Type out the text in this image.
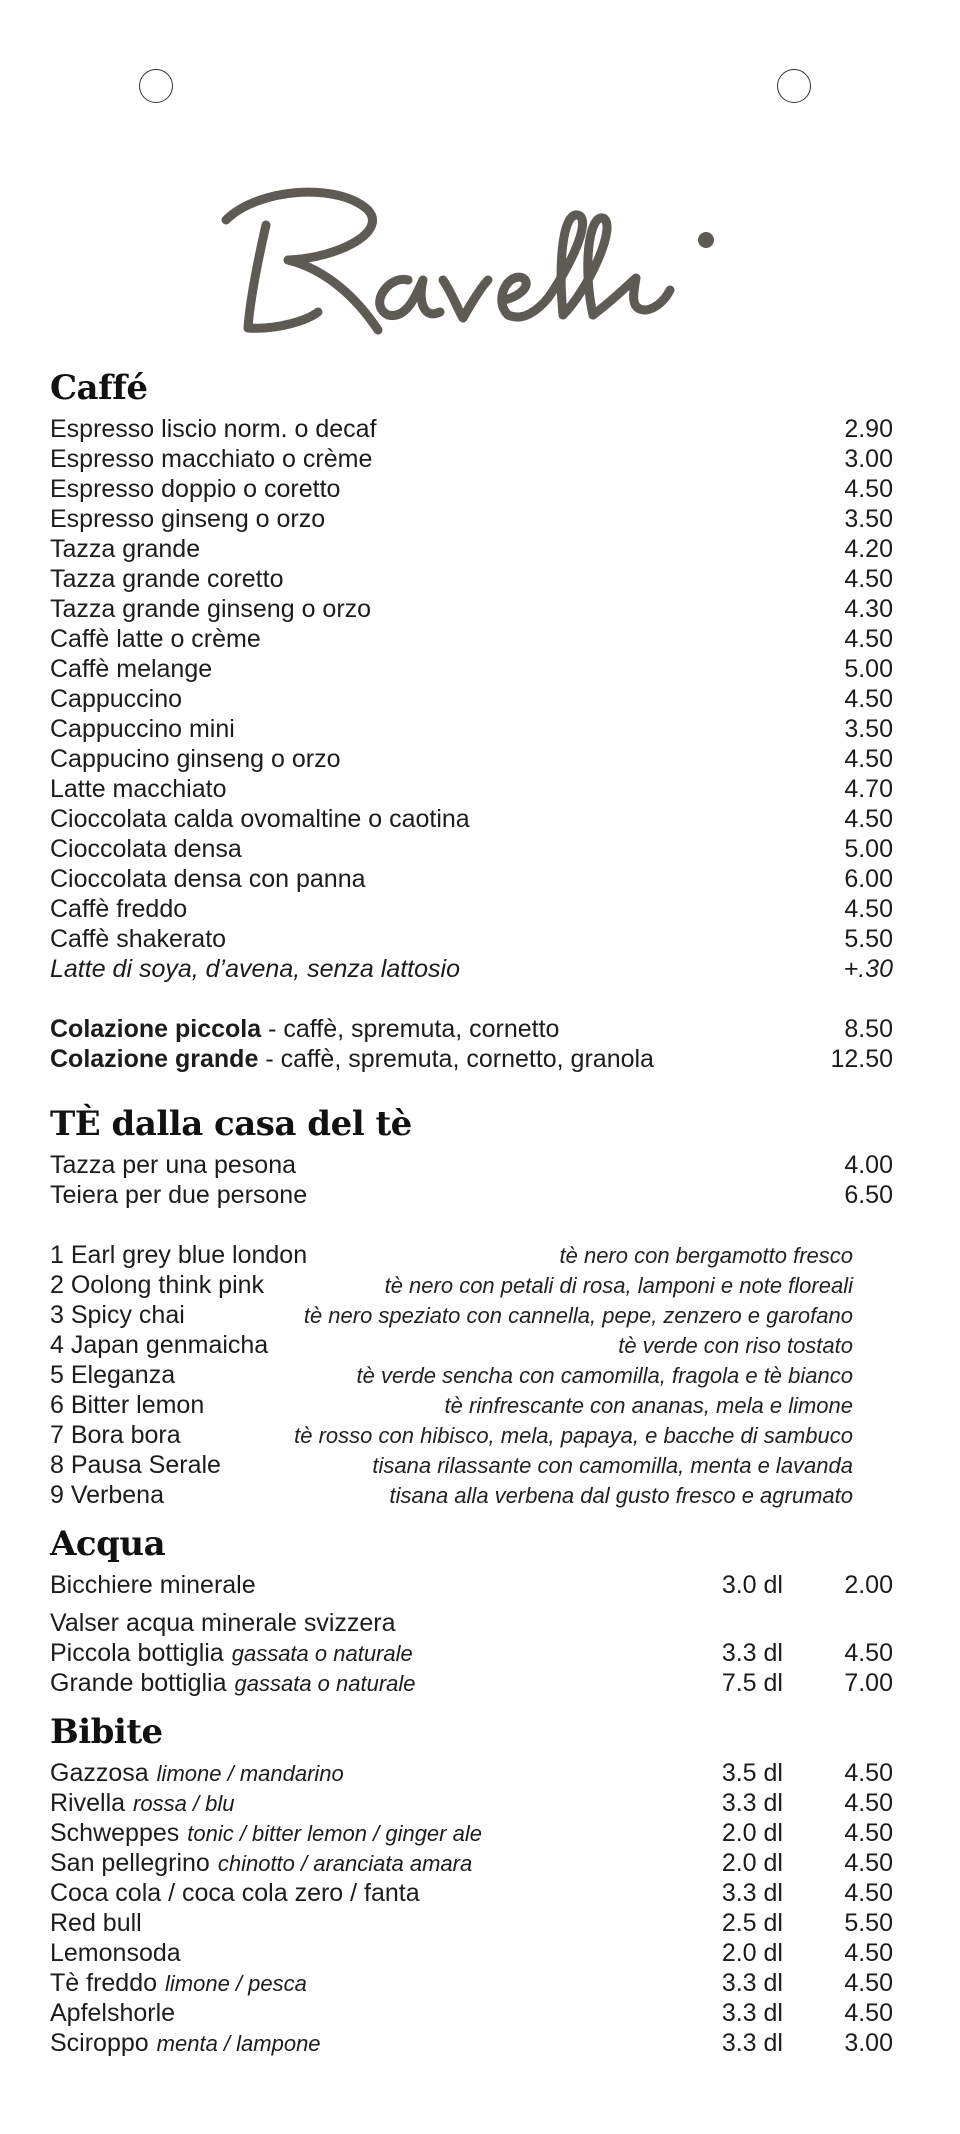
Caffé
Espresso liscio norm. o decaf	2.90
Espresso macchiato o crème	3.00
Espresso doppio o coretto	4.50
Espresso ginseng o orzo	3.50
Tazza grande	4.20
Tazza grande coretto	4.50
Tazza grande ginseng o orzo	4.30
Caffè latte o crème	4.50
Caffè melange	5.00
Cappuccino	4.50
Cappuccino mini	3.50
Cappucino ginseng o orzo	4.50
Latte macchiato	4.70
Cioccolata calda ovomaltine o caotina	4.50
Cioccolata densa	5.00
Cioccolata densa con panna	6.00
Caffè freddo	4.50
Caffè shakerato	5.50
Latte di soya, d’avena, senza lattosio	+.30
Colazione piccola - caffè, spremuta, cornetto	8.50
Colazione grande - caffè, spremuta, cornetto, granola	12.50
TÈ dalla casa del tè
Tazza per una pesona	4.00
Teiera per due persone	6.50
1 Earl grey blue london	tè nero con bergamotto fresco
2 Oolong think pink	tè nero con petali di rosa, lamponi e note floreali
3 Spicy chai	tè nero speziato con cannella, pepe, zenzero e garofano
4 Japan genmaicha	tè verde con riso tostato
5 Eleganza	tè verde sencha con camomilla, fragola e tè bianco
6 Bitter lemon	tè rinfrescante con ananas, mela e limone
7 Bora bora	tè rosso con hibisco, mela, papaya, e bacche di sambuco
8 Pausa Serale	tisana rilassante con camomilla, menta e lavanda
9 Verbena	tisana alla verbena dal gusto fresco e agrumato
Acqua
Bicchiere minerale	3.0 dl	2.00
Valser acqua minerale svizzera
Piccola bottiglia gassata o naturale	3.3 dl	4.50
Grande bottiglia gassata o naturale	7.5 dl	7.00
Bibite
Gazzosa limone / mandarino	3.5 dl	4.50
Rivella rossa / blu	3.3 dl	4.50
Schweppes tonic / bitter lemon / ginger ale	2.0 dl	4.50
San pellegrino chinotto / aranciata amara	2.0 dl	4.50
Coca cola / coca cola zero / fanta	3.3 dl	4.50
Red bull	2.5 dl	5.50
Lemonsoda	2.0 dl	4.50
Tè freddo limone / pesca	3.3 dl	4.50
Apfelshorle	3.3 dl	4.50
Sciroppo menta / lampone	3.3 dl	3.00
